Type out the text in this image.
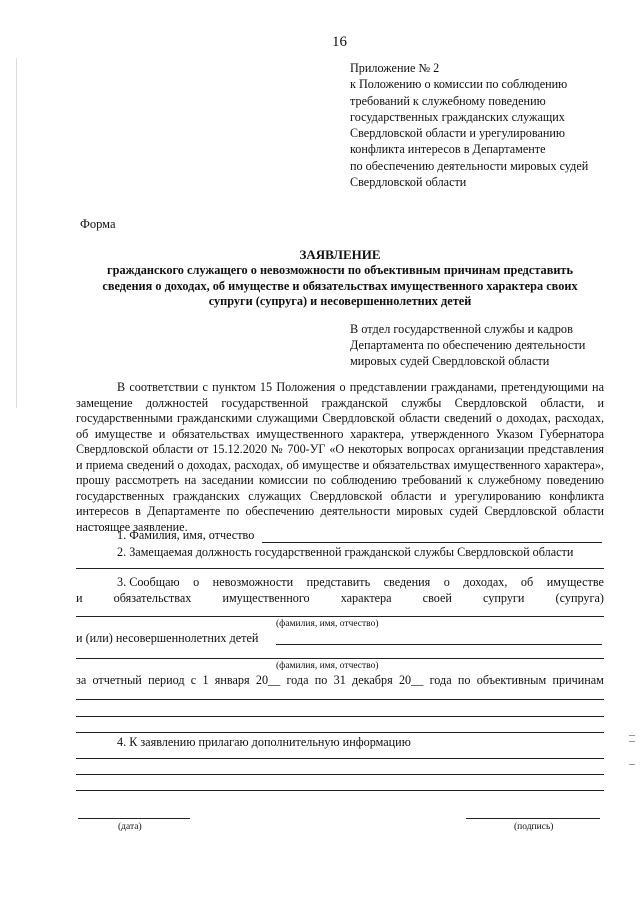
16
Приложение № 2
к Положению о комиссии по соблюдению
требований к служебному поведению
государственных гражданских служащих
Свердловской области и урегулированию
конфликта интересов в Департаменте
по обеспечению деятельности мировых судей
Свердловской области
Форма
ЗАЯВЛЕНИЕ
гражданского служащего о невозможности по объективным причинам представить
сведения о доходах, об имуществе и обязательствах имущественного характера своих
супруги (супруга) и несовершеннолетних детей
В отдел государственной службы и кадров
Департамента по обеспечению деятельности
мировых судей Свердловской области
В соответствии с пунктом 15 Положения о представлении гражданами, претендующими на замещение должностей государственной гражданской службы Свердловской области, и государственными гражданскими служащими Свердловской области сведений о доходах, расходах, об имуществе и обязательствах имущественного характера, утвержденного Указом Губернатора Свердловской области от 15.12.2020 № 700-УГ «О некоторых вопросах организации представления и приема сведений о доходах, расходах, об имуществе и обязательствах имущественного характера», прошу рассмотреть на заседании комиссии по соблюдению требований к служебному поведению государственных гражданских служащих Свердловской области и урегулированию конфликта интересов в Департаменте по обеспечению деятельности мировых судей Свердловской области настоящее заявление.
1. Фамилия, имя, отчество
2. Замещаемая должность государственной гражданской службы Свердловской области
3. Сообщаю о невозможности представить сведения о доходах, об имуществе
и	обязательствах	имущественного	характера	своей	супруги	(супруга)
(фамилия, имя, отчество)
и (или) несовершеннолетних детей
(фамилия, имя, отчество)
за отчетный период с 1 января 20__ года по 31 декабря 20__ года по объективным причинам
4. К заявлению прилагаю дополнительную информацию
(дата)	(подпись)
